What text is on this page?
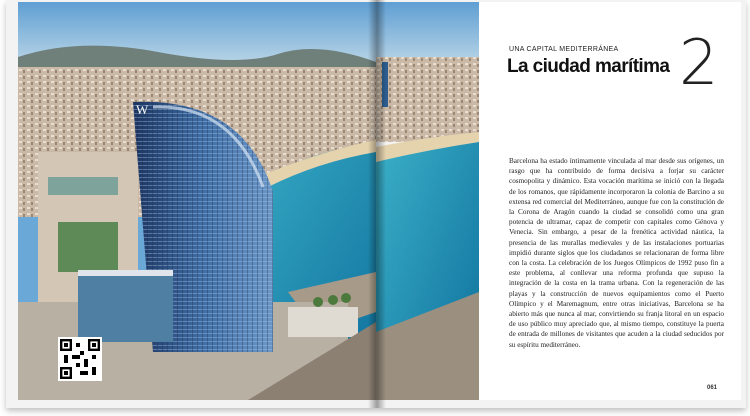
W
UNA CAPITAL MEDITERRÁNEA
La ciudad marítima 2
Barcelona ha estado íntimamente vinculada al mar desde sus orígenes, un rasgo que ha contribuido de forma decisiva a forjar su carácter cosmopolita y dinámico. Esta vocación marítima se inició con la llegada de los romanos, que rápidamente incorporaron la colonia de Barcino a su extensa red comercial del Mediterráneo, aunque fue con la constitución de la Corona de Aragón cuando la ciudad se consolidó como una gran potencia de ultramar, capaz de competir con capitales como Génova y Venecia. Sin embargo, a pesar de la frenética actividad náutica, la presencia de las murallas medievales y de las instalaciones portuarias impidió durante siglos que los ciudadanos se relacionaran de forma libre con la costa. La celebración de los Juegos Olímpicos de 1992 puso fin a este problema, al conllevar una reforma profunda que supuso la integración de la costa en la trama urbana. Con la regeneración de las playas y la construcción de nuevos equipamientos como el Puerto Olímpico y el Maremagnum, entre otras iniciativas, Barcelona se ha abierto más que nunca al mar, convirtiendo su franja litoral en un espacio de uso público muy apreciado que, al mismo tiempo, constituye la puerta de entrada de millones de visitantes que acuden a la ciudad seducidos por su espíritu mediterráneo.
061
